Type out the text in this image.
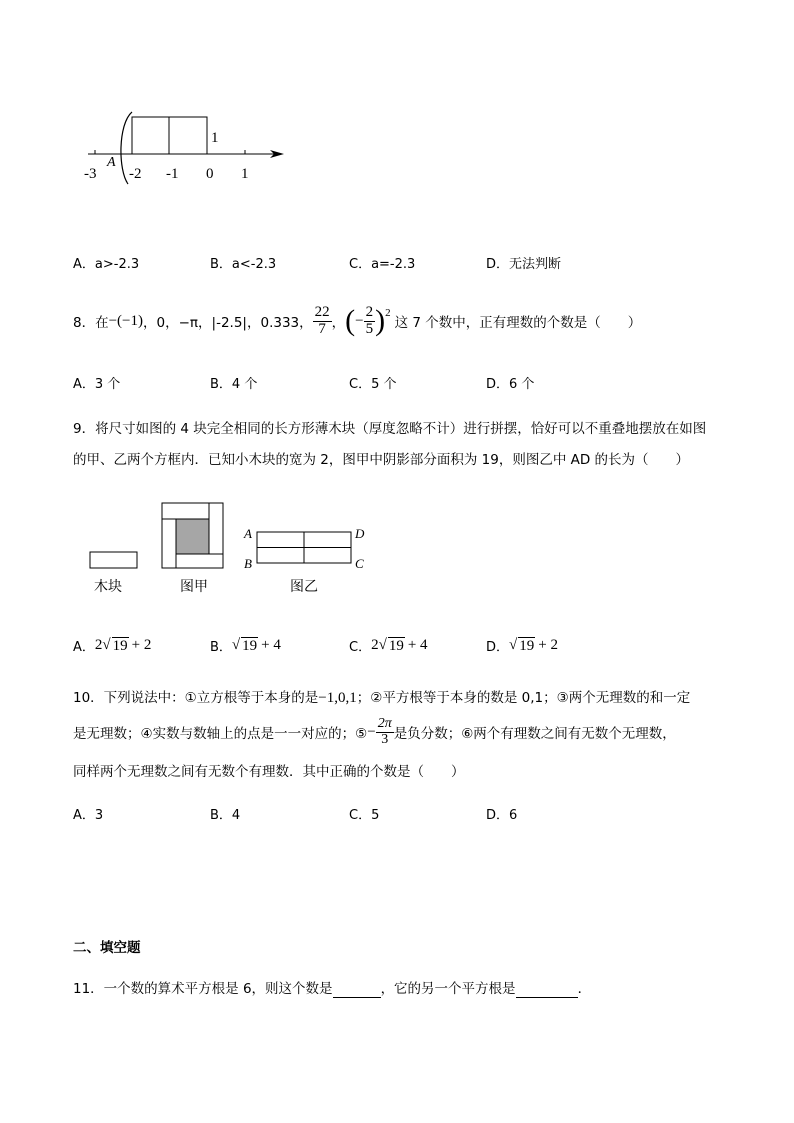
-3 -2 -1 0 1
A
1
A．a>-2.3	B．a<-2.3	C．a=-2.3	D．无法判断
8．在 −(−1) ，0，−π，|-2.5|，0.333， $\frac{22}{7}$ ， ( − $\frac{2}{5}$ ) 2
这 7 个数中，正有理数的个数是（　　）
A．3 个	B．4 个	C．5 个	D．6 个
9．将尺寸如图的 4 块完全相同的长方形薄木块（厚度忽略不计）进行拼摆，恰好可以不重叠地摆放在如图
的甲、乙两个方框内．已知小木块的宽为 2，图甲中阴影部分面积为 19，则图乙中 AD 的长为（　　）
A
B	C
D
木块	图甲	图乙
A． 2 √ 19 + 2	B． √ 19 + 4	C． 2 √ 19 + 4	D． √ 19 + 2
10．下列说法中：①立方根等于本身的是−1,0,1；②平方根等于本身的数是 0,1；③两个无理数的和一定
是无理数；④实数与数轴上的点是一一对应的；⑤ − $\frac{2\pi}{3}$ 是负分数；⑥两个有理数之间有无数个无理数，
同样两个无理数之间有无数个有理数．其中正确的个数是（　　）
A．3	B．4	C．5	D．6
二、填空题
11．一个数的算术平方根是 6，则这个数是	，它的另一个平方根是	．
